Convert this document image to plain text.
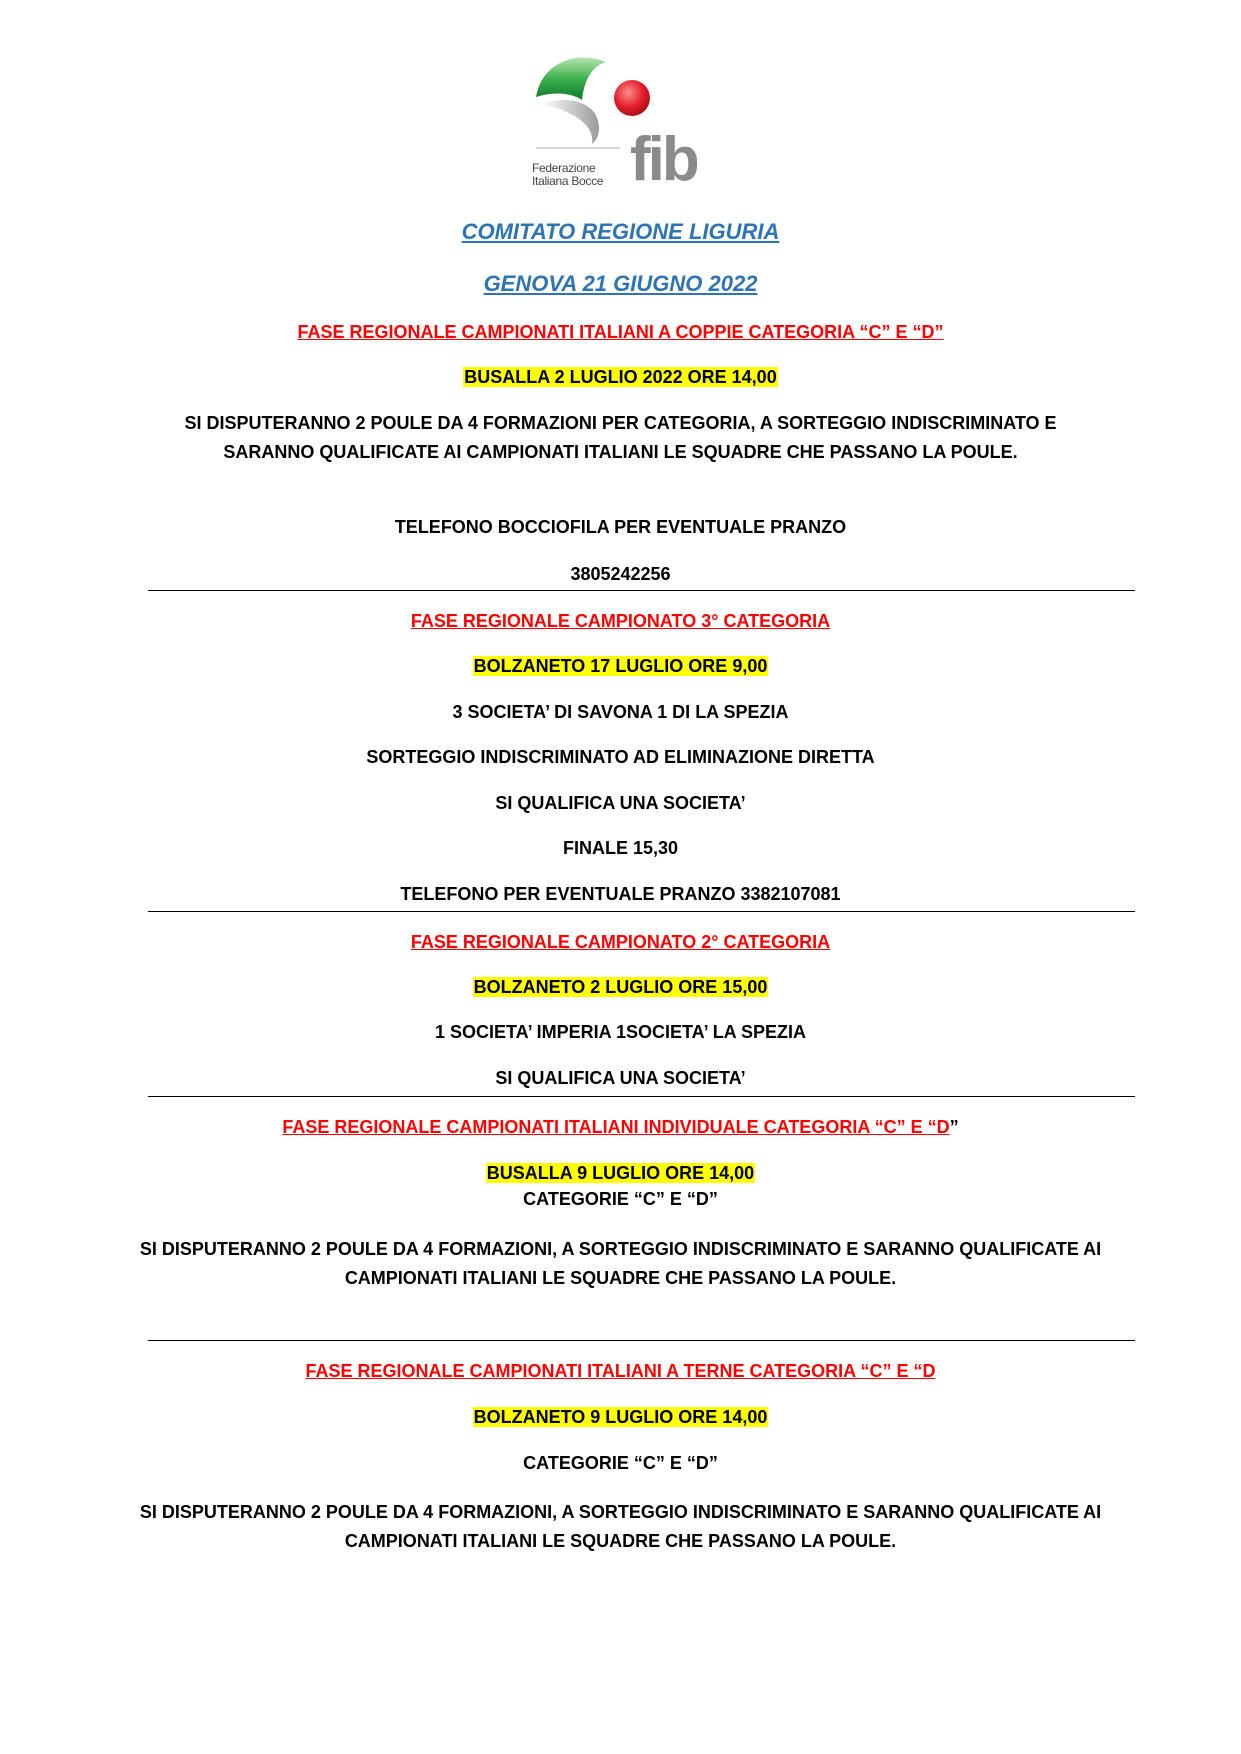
fib
Federazione
Italiana Bocce
COMITATO REGIONE LIGURIA
GENOVA 21 GIUGNO 2022
FASE REGIONALE CAMPIONATI ITALIANI A COPPIE CATEGORIA “C” E “D”
BUSALLA 2 LUGLIO 2022 ORE 14,00
SI DISPUTERANNO 2 POULE DA 4 FORMAZIONI PER CATEGORIA, A SORTEGGIO INDISCRIMINATO E SARANNO QUALIFICATE AI CAMPIONATI ITALIANI LE SQUADRE CHE PASSANO LA POULE.
TELEFONO BOCCIOFILA PER EVENTUALE PRANZO
3805242256
FASE REGIONALE CAMPIONATO 3° CATEGORIA
BOLZANETO 17 LUGLIO ORE 9,00
3 SOCIETA’ DI SAVONA 1 DI LA SPEZIA
SORTEGGIO INDISCRIMINATO AD ELIMINAZIONE DIRETTA
SI QUALIFICA UNA SOCIETA’
FINALE 15,30
TELEFONO PER EVENTUALE PRANZO 3382107081
FASE REGIONALE CAMPIONATO 2° CATEGORIA
BOLZANETO 2 LUGLIO ORE 15,00
1 SOCIETA’ IMPERIA 1SOCIETA’ LA SPEZIA
SI QUALIFICA UNA SOCIETA’
FASE REGIONALE CAMPIONATI ITALIANI INDIVIDUALE CATEGORIA “C” E “D”
BUSALLA 9 LUGLIO ORE 14,00
CATEGORIE “C” E “D”
SI DISPUTERANNO 2 POULE DA 4 FORMAZIONI, A SORTEGGIO INDISCRIMINATO E SARANNO QUALIFICATE AI CAMPIONATI ITALIANI LE SQUADRE CHE PASSANO LA POULE.
FASE REGIONALE CAMPIONATI ITALIANI A TERNE CATEGORIA “C” E “D
BOLZANETO 9 LUGLIO ORE 14,00
CATEGORIE “C” E “D”
SI DISPUTERANNO 2 POULE DA 4 FORMAZIONI, A SORTEGGIO INDISCRIMINATO E SARANNO QUALIFICATE AI CAMPIONATI ITALIANI LE SQUADRE CHE PASSANO LA POULE.
